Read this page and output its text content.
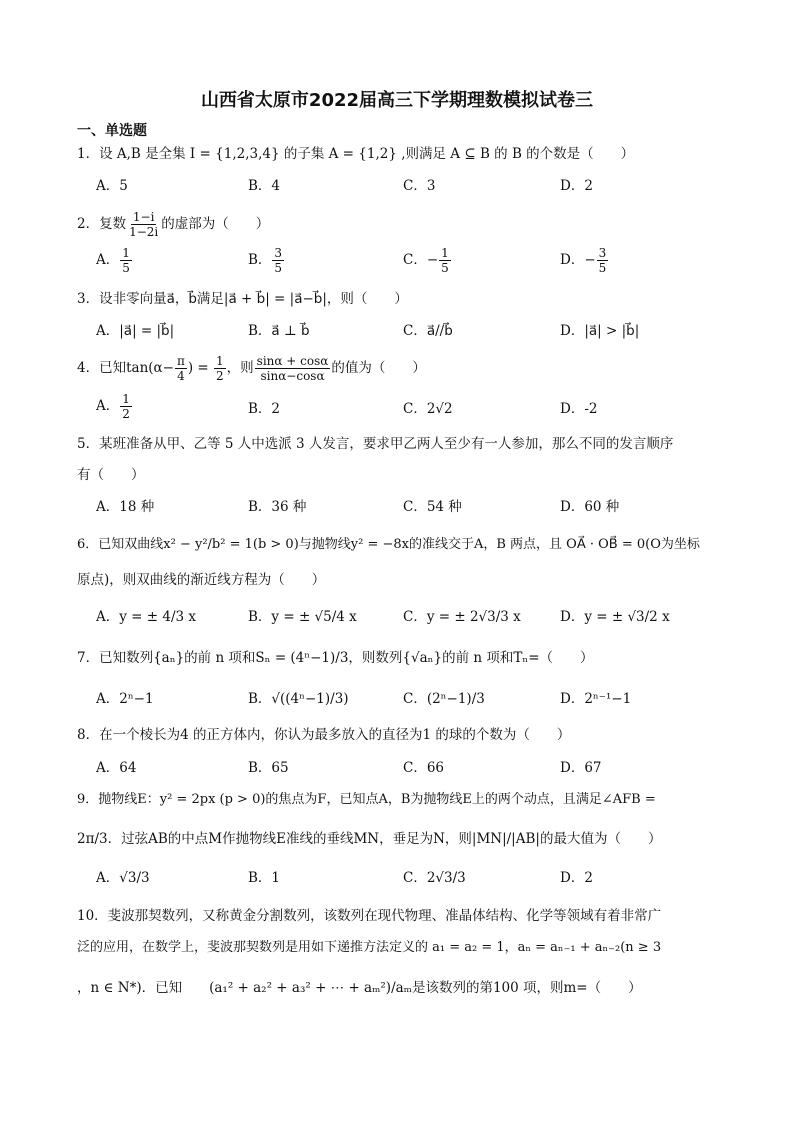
山西省太原市2022届高三下学期理数模拟试卷三
一、单选题
1．设 A,B 是全集 I = {1,2,3,4} 的子集 A = {1,2} ,则满足 A ⊆ B 的 B 的个数是（　　）
A．5	B．4	C．3	D．2
2．复数 $\frac{1-i}{1-2i}$ 的虚部为（　　）
A． $\frac{1}{5}$	B． $\frac{3}{5}$	C．− $\frac{1}{5}$	D．− $\frac{3}{5}$
3．设非零向量a⃗，b⃗满足|a⃗ + b⃗| = |a⃗−b⃗|，则（　　）
A．|a⃗| = |b⃗|	B．a⃗ ⊥ b⃗	C．a⃗//b⃗	D．|a⃗| > |b⃗|
4．已知$\tan(\alpha- \frac{\pi}{4}$ ) = $\frac{1}{2}$ ，则 $\frac{\sin\alpha + \cos\alpha}{\sin\alpha-\cos\alpha}$ 的值为（　　）
A． $\frac{1}{2}$	B．2	C．2√2	D．-2
5．某班准备从甲、乙等 5 人中选派 3 人发言，要求甲乙两人至少有一人参加，那么不同的发言顺序
有（　　）
A．18 种	B．36 种	C．54 种	D．60 种
6．已知双曲线x² − y²/b² = 1(b > 0)与抛物线y² = −8x的准线交于A，B 两点，且 OA⃗ · OB⃗ = 0(O为坐标
原点)，则双曲线的渐近线方程为（　　）
A．y = ± 4/3 x	B．y = ± √5/4 x	C．y = ± 2√3/3 x	D．y = ± √3/2 x
7．已知数列{aₙ}的前 n 项和Sₙ = (4ⁿ−1)/3，则数列{√aₙ}的前 n 项和Tₙ=（　　）
A．2ⁿ−1	B．√((4ⁿ−1)/3)	C．(2ⁿ−1)/3	D．2ⁿ⁻¹−1
8．在一个棱长为4 的正方体内，你认为最多放入的直径为1 的球的个数为（　　）
A．64	B．65	C．66	D．67
9．抛物线E：y² = 2px (p > 0)的焦点为F，已知点A，B为抛物线E上的两个动点，且满足∠AFB =
2π/3．过弦AB的中点M作抛物线E准线的垂线MN，垂足为N，则|MN|/|AB|的最大值为（　　）
A．√3/3	B．1	C．2√3/3	D．2
10．斐波那契数列，又称黄金分割数列，该数列在现代物理、准晶体结构、化学等领域有着非常广
泛的应用，在数学上，斐波那契数列是用如下递推方法定义的 a₁ = a₂ = 1，aₙ = aₙ₋₁ + aₙ₋₂(n ≥ 3
，n ∈ N*)．已知　　(a₁² + a₂² + a₃² + ⋯ + aₘ²)/aₘ是该数列的第100 项，则m=（　　）
